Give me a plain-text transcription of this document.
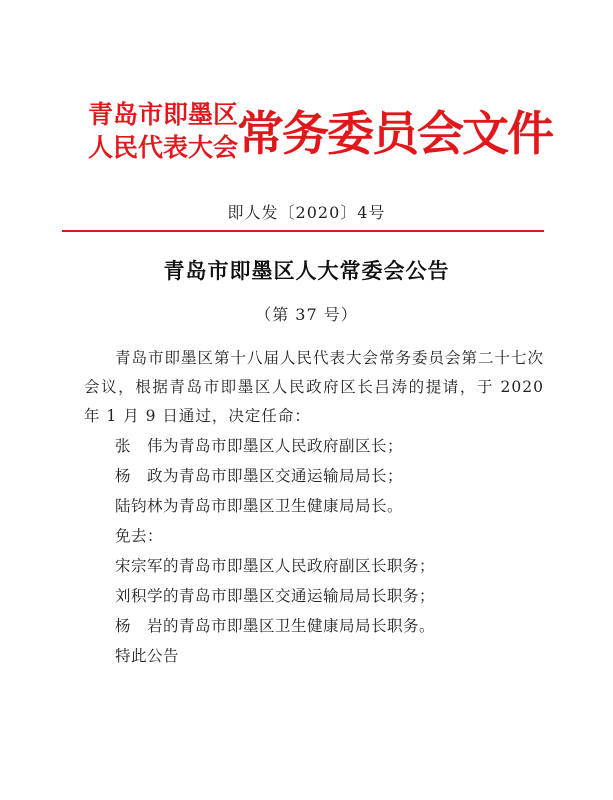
青岛市即墨区
人民代表大会
常务委员会文件
即人发〔2020〕4号
青岛市即墨区人大常委会公告
（第 37 号）

青岛市即墨区第十八届人民代表大会常务委员会第二十七次会议，根据青岛市即墨区人民政府区长吕涛的提请，于 2020 年 1 月 9 日通过，决定任命：

张　伟为青岛市即墨区人民政府副区长；

杨　政为青岛市即墨区交通运输局局长；

陆钧林为青岛市即墨区卫生健康局局长。

免去：

宋宗军的青岛市即墨区人民政府副区长职务；

刘积学的青岛市即墨区交通运输局局长职务；

杨　岩的青岛市即墨区卫生健康局局长职务。

特此公告
